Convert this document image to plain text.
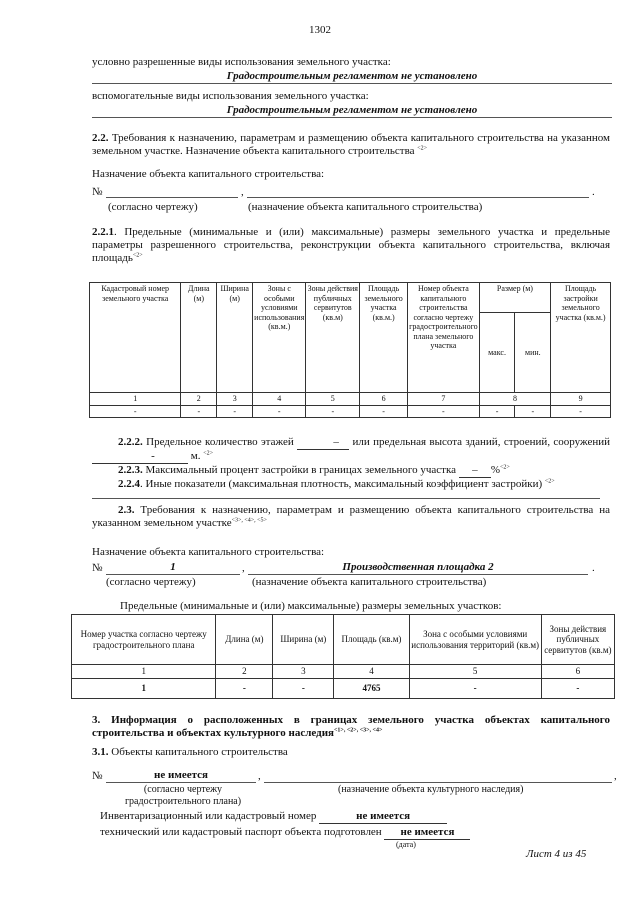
1302
условно разрешенные виды использования земельного участка:
Градостроительным регламентом не установлено
вспомогательные виды использования земельного участка:
Градостроительным регламентом не установлено
2.2. Требования к назначению, параметрам и размещению объекта капитального строительства на указанном земельном участке. Назначение объекта капитального строительства $^{<2>}$
Назначение объекта капитального строительства:
№	,	.
(согласно чертежу)	(назначение объекта капитального строительства)
2.2.1. Предельные (минимальные и (или) максимальные) размеры земельного участка и предельные параметры разрешенного строительства, реконструкции объекта капитального строительства, включая площадь$^{<2>}$
Кадастровый номер земельного участка	Длина (м)	Ширина (м)	Зоны с особыми условиями использования (кв.м.)	Зоны действия публичных сервитутов (кв.м)	Площадь земельного участка (кв.м.)	Номер объекта капитального строительства согласно чертежу градостроительного плана земельного участка	Размер (м)		Площадь застройки земельного участка (кв.м.)
							макс.	мин.	
1	2	3	4	5	6	7	8		9
-	-	-	-	-	-	-	-	-	-
2.2.2. Предельное количество этажей	– или предельная высота зданий, строений, сооружений -	м. $^{<2>}$
2.2.3. Максимальный процент застройки в границах земельного участка – %$^{<2>}$
2.2.4. Иные показатели (максимальная плотность, максимальный коэффициент застройки) $^{<2>}$
2.3. Требования к назначению, параметрам и размещению объекта капитального строительства на указанном земельном участке$^{<3>, <4>, <5>}$
Назначение объекта капитального строительства:
№	1	,	Производственная площадка 2	.
(согласно чертежу)	(назначение объекта капитального строительства)
Предельные (минимальные и (или) максимальные) размеры земельных участков:
Номер участка согласно чертежу градостроительного плана	Длина (м)	Ширина (м)	Площадь (кв.м)	Зона с особыми условиями использования территорий (кв.м)	Зоны действия публичных сервитутов (кв.м)
1	2	3	4	5	6
1	-	-	4765	-	-
3. Информация о расположенных в границах земельного участка объектах капитального строительства и объектах культурного наследия$^{<1>, <2>, <3>, <4>}$
3.1. Объекты капитального строительства
№	не имеется	,	,
(согласно чертежу градостроительного плана)
(назначение объекта культурного наследия)
Инвентаризационный или кадастровый номер	не имеется
технический или кадастровый паспорт объекта подготовлен не имеется
(дата)
Лист 4 из 45
